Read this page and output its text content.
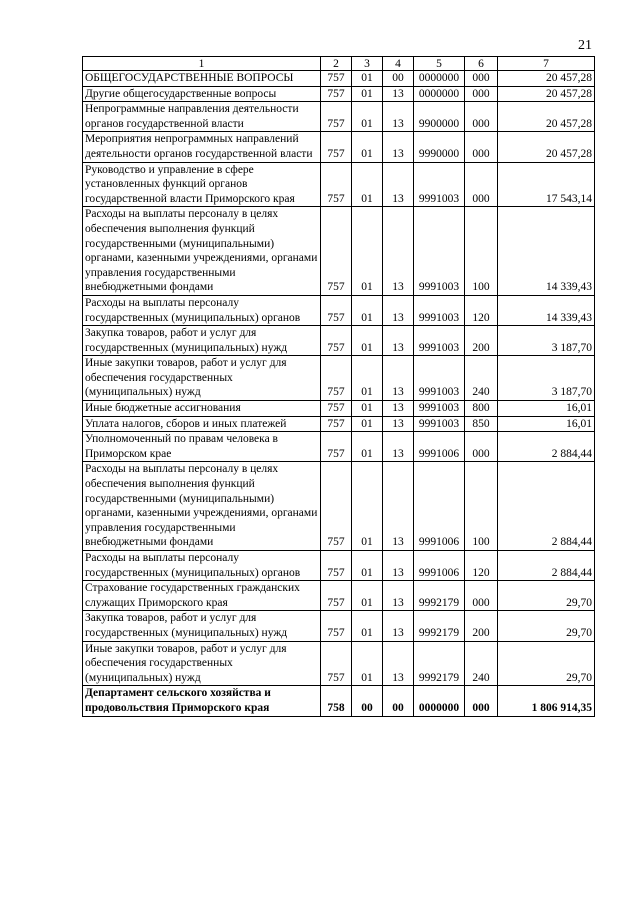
21
1	2	3	4	5	6	7
ОБЩЕГОСУДАРСТВЕННЫЕ ВОПРОСЫ	757	01	00	0000000	000	20 457,28
Другие общегосударственные вопросы	757	01	13	0000000	000	20 457,28
Непрограммные направления деятельности органов государственной власти	757	01	13	9900000	000	20 457,28
Мероприятия непрограммных направлений деятельности органов государственной власти	757	01	13	9990000	000	20 457,28
Руководство и управление в сфере установленных функций органов государственной власти Приморского края	757	01	13	9991003	000	17 543,14
Расходы на выплаты персоналу в целях обеспечения выполнения функций государственными (муниципальными) органами, казенными учреждениями, органами управления государственными внебюджетными фондами	757	01	13	9991003	100	14 339,43
Расходы на выплаты персоналу государственных (муниципальных) органов	757	01	13	9991003	120	14 339,43
Закупка товаров, работ и услуг для государственных (муниципальных) нужд	757	01	13	9991003	200	3 187,70
Иные закупки товаров, работ и услуг для обеспечения государственных (муниципальных) нужд	757	01	13	9991003	240	3 187,70
Иные бюджетные ассигнования	757	01	13	9991003	800	16,01
Уплата налогов, сборов и иных платежей	757	01	13	9991003	850	16,01
Уполномоченный по правам человека в Приморском крае	757	01	13	9991006	000	2 884,44
Расходы на выплаты персоналу в целях обеспечения выполнения функций государственными (муниципальными) органами, казенными учреждениями, органами управления государственными внебюджетными фондами	757	01	13	9991006	100	2 884,44
Расходы на выплаты персоналу государственных (муниципальных) органов	757	01	13	9991006	120	2 884,44
Страхование государственных гражданских служащих Приморского края	757	01	13	9992179	000	29,70
Закупка товаров, работ и услуг для государственных (муниципальных) нужд	757	01	13	9992179	200	29,70
Иные закупки товаров, работ и услуг для обеспечения государственных (муниципальных) нужд	757	01	13	9992179	240	29,70
Департамент сельского хозяйства и продовольствия Приморского края	758	00	00	0000000	000	1 806 914,35
